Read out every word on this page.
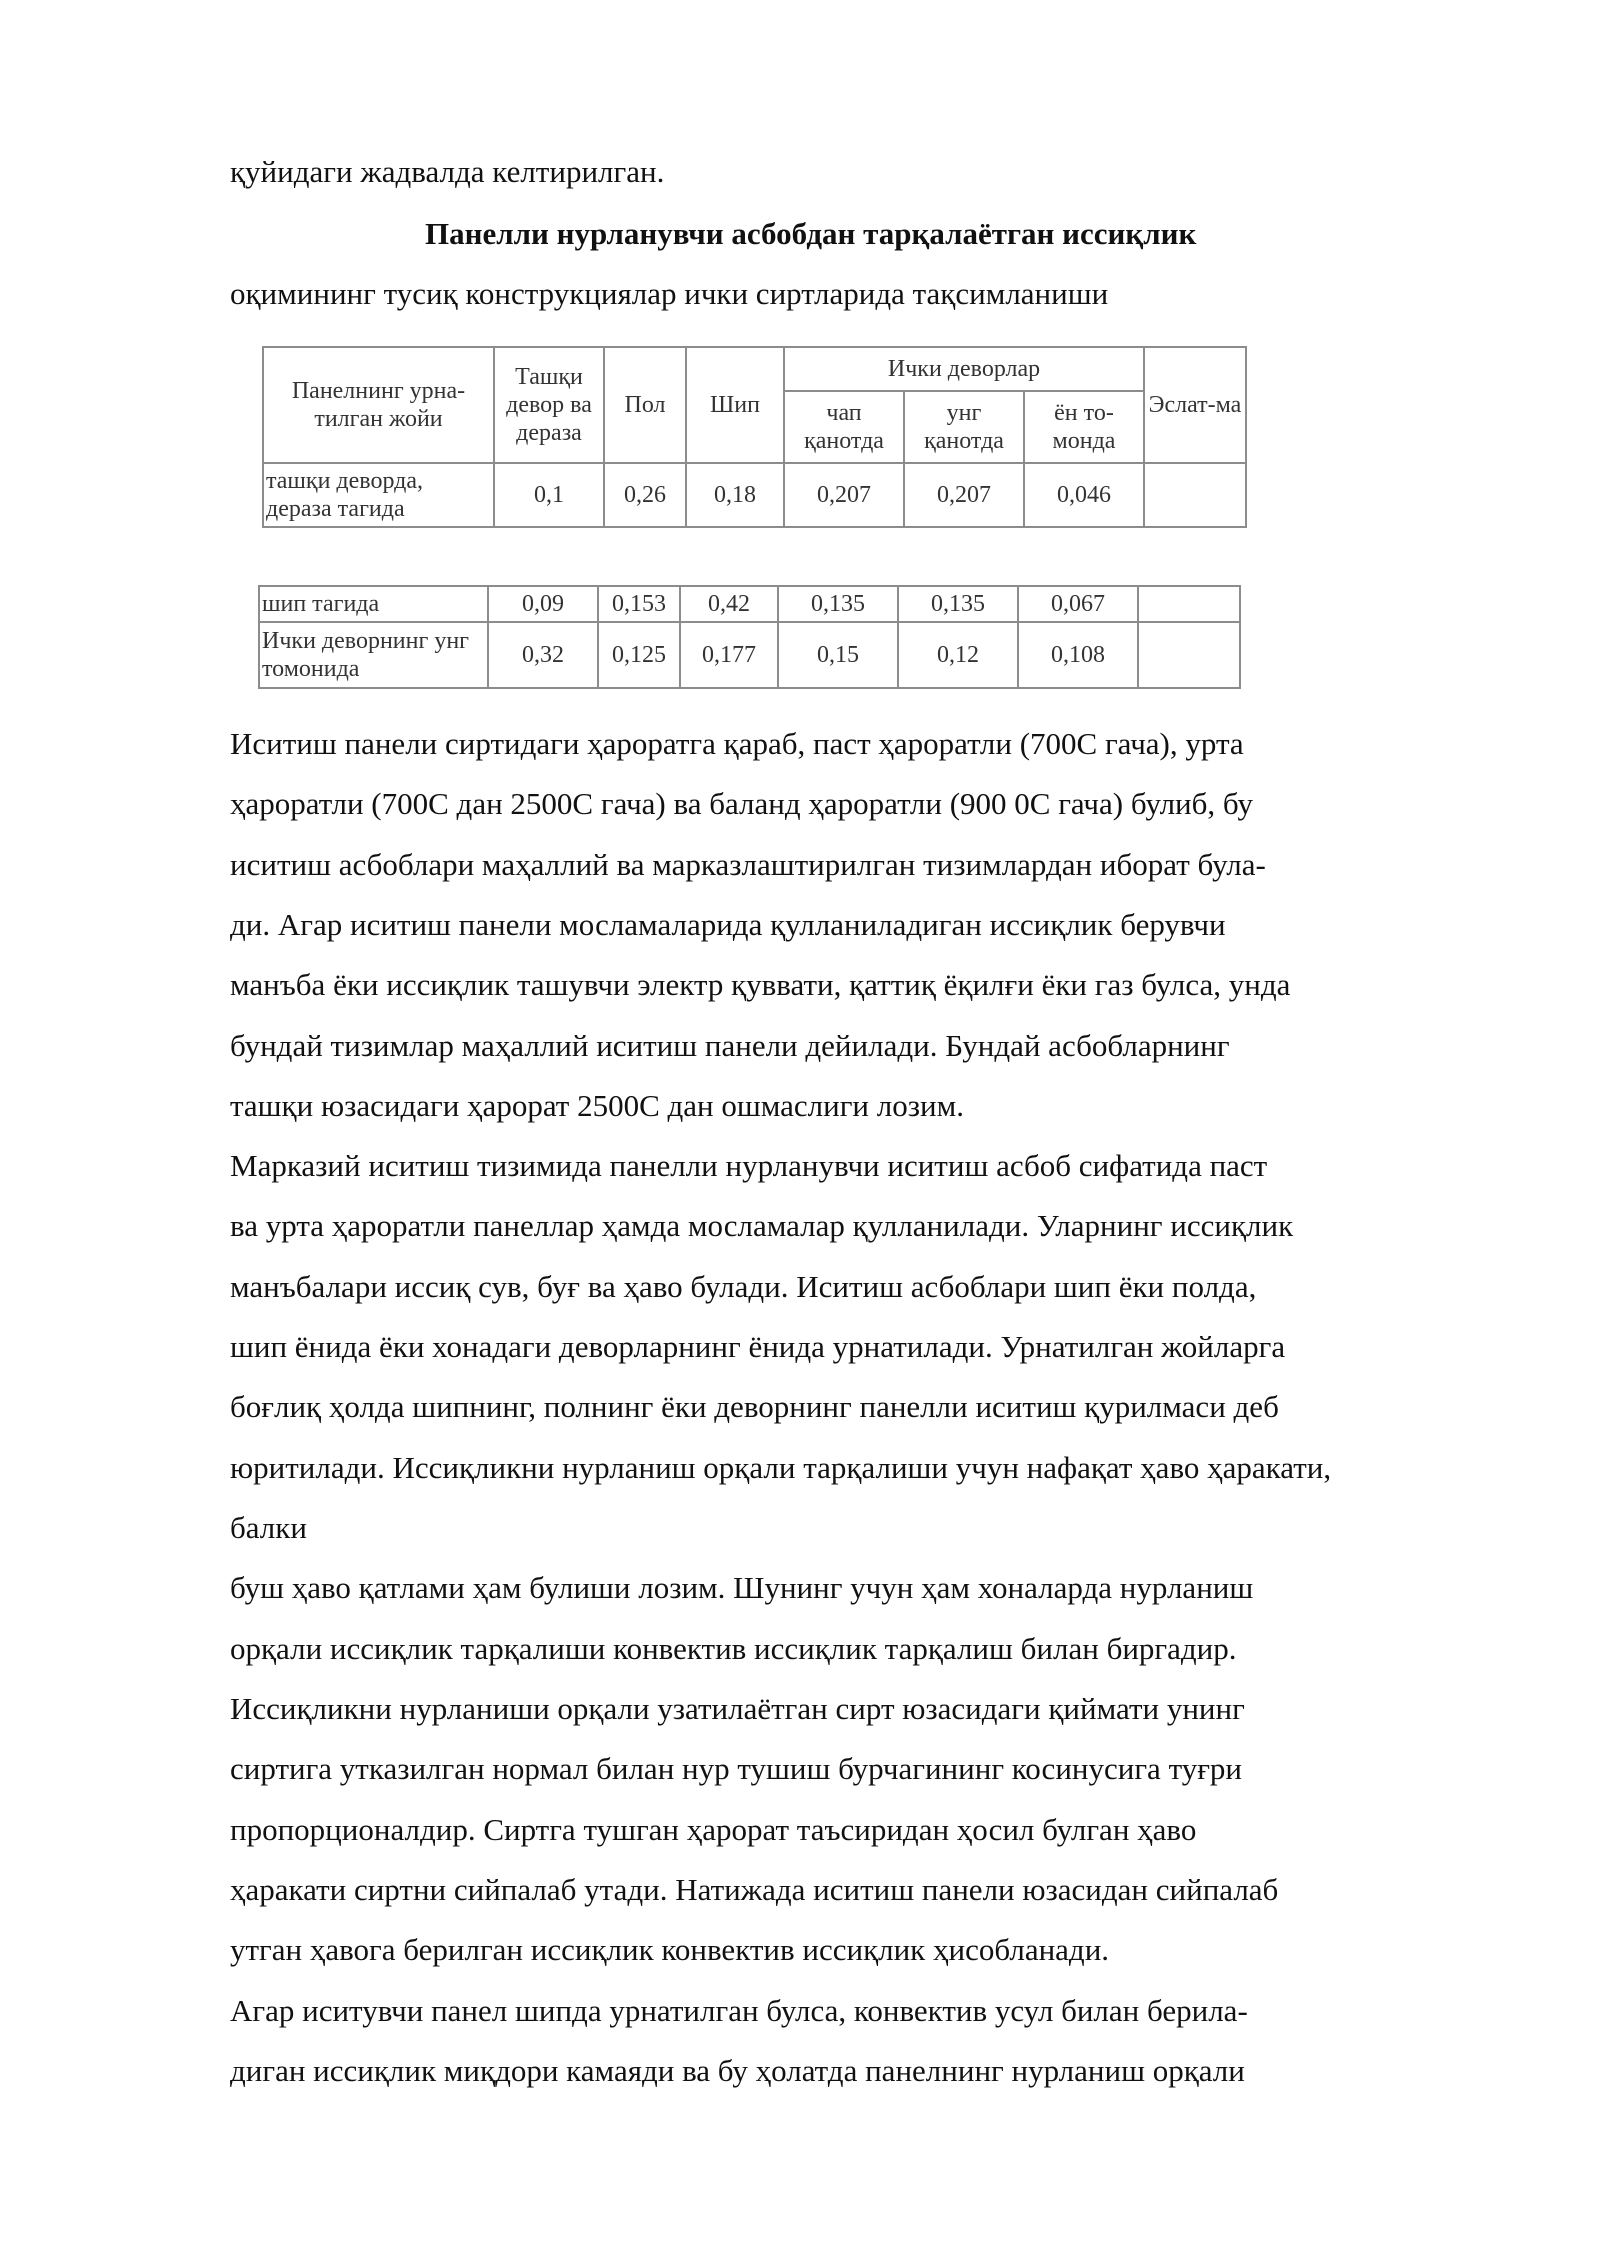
қуйидаги жадвалда келтирилган.
Панелли нурланувчи асбобдан тарқалаётган иссиқлик
оқимининг тусиқ конструкциялар ички сиртларида тақсимланиши
Панелнинг урна-тилган жойи	Ташқи девор ва дераза	Пол	Шип	Ички деворлар			Эслат-ма
				чап қанотда	унг қанотда	ён то-монда	
ташқи деворда, дераза тагида	0,1	0,26	0,18	0,207	0,207	0,046	
шип тагида	0,09	0,153	0,42	0,135	0,135	0,067	
Ички деворнинг унг томонида	0,32	0,125	0,177	0,15	0,12	0,108	
Иситиш панели сиртидаги ҳароратга қараб, паст ҳароратли (700С гача), урта
ҳароратли (700С дан 2500С гача) ва баланд ҳароратли (900 0С гача) булиб, бу
иситиш асбоблари маҳаллий ва марказлаштирилган тизимлардан иборат була-
ди. Агар иситиш панели мосламаларида қулланиладиган иссиқлик берувчи
манъба ёки иссиқлик ташувчи электр қуввати, қаттиқ ёқилғи ёки газ булса, унда
бундай тизимлар маҳаллий иситиш панели дейилади. Бундай асбобларнинг
ташқи юзасидаги ҳарорат 2500С дан ошмаслиги лозим.
Марказий иситиш тизимида панелли нурланувчи иситиш асбоб сифатида паст
ва урта ҳароратли панеллар ҳамда мосламалар қулланилади. Уларнинг иссиқлик
манъбалари иссиқ сув, буғ ва ҳаво булади. Иситиш асбоблари шип ёки полда,
шип ёнида ёки хонадаги деворларнинг ёнида урнатилади. Урнатилган жойларга
боғлиқ ҳолда шипнинг, полнинг ёки деворнинг панелли иситиш қурилмаси деб
юритилади. Иссиқликни нурланиш орқали тарқалиши учун нафақат ҳаво ҳаракати,
балки
буш ҳаво қатлами ҳам булиши лозим. Шунинг учун ҳам хоналарда нурланиш
орқали иссиқлик тарқалиши конвектив иссиқлик тарқалиш билан биргадир.
Иссиқликни нурланиши орқали узатилаётган сирт юзасидаги қиймати унинг
сиртига утказилган нормал билан нур тушиш бурчагининг косинусига туғри
пропорционалдир. Сиртга тушган ҳарорат таъсиридан ҳосил булган ҳаво
ҳаракати сиртни сийпалаб утади. Натижада иситиш панели юзасидан сийпалаб
утган ҳавога берилган иссиқлик конвектив иссиқлик ҳисобланади.
Агар иситувчи панел шипда урнатилган булса, конвектив усул билан берила-
диган иссиқлик миқдори камаяди ва бу ҳолатда панелнинг нурланиш орқали
